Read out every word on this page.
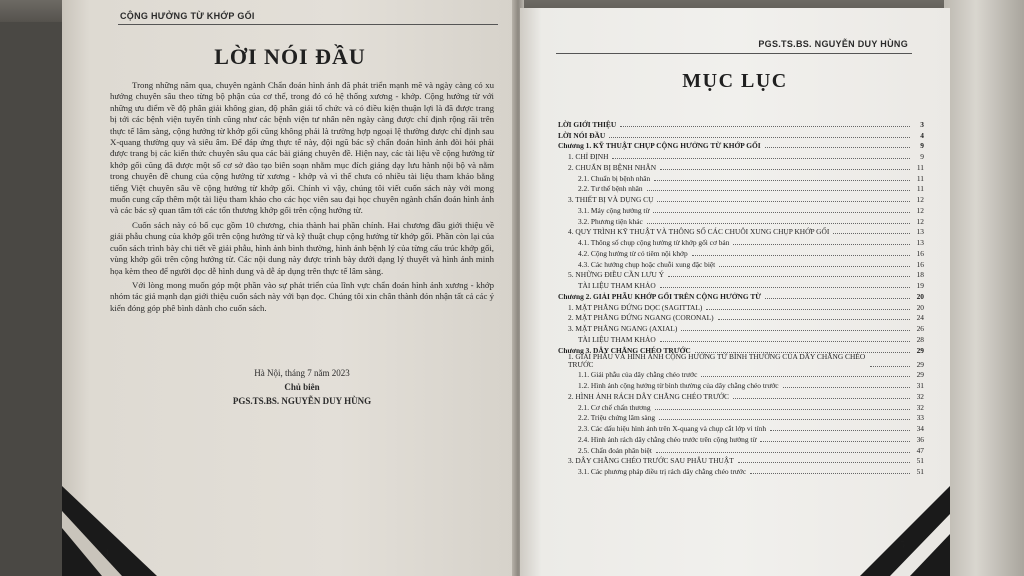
CỘNG HƯỞNG TỪ KHỚP GỐI
LỜI NÓI ĐẦU

Trong những năm qua, chuyên ngành Chẩn đoán hình ảnh đã phát triển mạnh mẽ và ngày càng có xu hướng chuyên sâu theo từng bộ phận của cơ thể, trong đó có hệ thống xương - khớp. Cộng hưởng từ với những ưu điểm về độ phân giải không gian, độ phân giải tổ chức và có điều kiện thuận lợi là đã được trang bị tới các bệnh viện tuyến tỉnh cũng như các bệnh viện tư nhân nên ngày càng được chỉ định rộng rãi trên thực tế lâm sàng, cộng hưởng từ khớp gối cũng không phải là trường hợp ngoại lệ thường được chỉ định sau X-quang thường quy và siêu âm. Để đáp ứng thực tế này, đội ngũ bác sỹ chẩn đoán hình ảnh đòi hỏi phải được trang bị các kiến thức chuyên sâu qua các bài giảng chuyên đề. Hiện nay, các tài liệu về cộng hưởng từ khớp gối cũng đã được một số cơ sở đào tạo biên soạn nhằm mục đích giảng dạy lưu hành nội bộ và nằm trong chuyên đề chung của cộng hưởng từ xương - khớp và vì thế chưa có nhiều tài liệu tham khảo bằng tiếng Việt chuyên sâu về cộng hưởng từ khớp gối. Chính vì vậy, chúng tôi viết cuốn sách này với mong muốn cung cấp thêm một tài liệu tham khảo cho các học viên sau đại học chuyên ngành chẩn đoán hình ảnh và các bác sỹ quan tâm tới các tổn thương khớp gối trên cộng hưởng từ.

Cuốn sách này có bố cục gồm 10 chương, chia thành hai phần chính. Hai chương đầu giới thiệu về giải phẫu chung của khớp gối trên cộng hưởng từ và kỹ thuật chụp cộng hưởng từ khớp gối. Phần còn lại của cuốn sách trình bày chi tiết về giải phẫu, hình ảnh bình thường, hình ảnh bệnh lý của từng cấu trúc khớp gối, vùng khớp gối trên cộng hưởng từ. Các nội dung này được trình bày dưới dạng lý thuyết và hình ảnh minh họa kèm theo để người đọc dễ hình dung và dễ áp dụng trên thực tế lâm sàng.

Với lòng mong muốn góp một phần vào sự phát triển của lĩnh vực chẩn đoán hình ảnh xương - khớp nhóm tác giả mạnh dạn giới thiệu cuốn sách này với bạn đọc. Chúng tôi xin chân thành đón nhận tất cả các ý kiến đóng góp phê bình dành cho cuốn sách.

Hà Nội, tháng 7 năm 2023
Chủ biên
PGS.TS.BS. NGUYỄN DUY HÙNG
4
PGS.TS.BS. NGUYỄN DUY HÙNG
MỤC LỤC
LỜI GIỚI THIỆU	3
LỜI NÓI ĐẦU	4
Chương 1. KỸ THUẬT CHỤP CỘNG HƯỞNG TỪ KHỚP GỐI	9
1. CHỈ ĐỊNH	9
2. CHUẨN BỊ BỆNH NHÂN	11
2.1. Chuẩn bị bệnh nhân	11
2.2. Tư thế bệnh nhân	11
3. THIẾT BỊ VÀ DỤNG CỤ	12
3.1. Máy cộng hưởng từ	12
3.2. Phương tiện khác	12
4. QUY TRÌNH KỸ THUẬT VÀ THÔNG SỐ CÁC CHUỖI XUNG CHỤP KHỚP GỐI	13
4.1. Thông số chụp cộng hưởng từ khớp gối cơ bản	13
4.2. Cộng hưởng từ có tiêm nội khớp	16
4.3. Các hướng chụp hoặc chuỗi xung đặc biệt	16
5. NHỮNG ĐIỀU CẦN LƯU Ý	18
TÀI LIỆU THAM KHẢO	19
Chương 2. GIẢI PHẪU KHỚP GỐI TRÊN CỘNG HƯỞNG TỪ	20
1. MẶT PHẲNG ĐỨNG DỌC (SAGITTAL)	20
2. MẶT PHẲNG ĐỨNG NGANG (CORONAL)	24
3. MẶT PHẲNG NGANG (AXIAL)	26
TÀI LIỆU THAM KHẢO	28
Chương 3. DÂY CHẰNG CHÉO TRƯỚC	29
1. GIẢI PHẪU VÀ HÌNH ẢNH CỘNG HƯỞNG TỪ BÌNH THƯỜNG CỦA DÂY CHẰNG CHÉO TRƯỚC	29
1.1. Giải phẫu của dây chằng chéo trước	29
1.2. Hình ảnh cộng hưởng từ bình thường của dây chằng chéo trước	31
2. HÌNH ẢNH RÁCH DÂY CHẰNG CHÉO TRƯỚC	32
2.1. Cơ chế chấn thương	32
2.2. Triệu chứng lâm sàng	33
2.3. Các dấu hiệu hình ảnh trên X-quang và chụp cắt lớp vi tính	34
2.4. Hình ảnh rách dây chằng chéo trước trên cộng hưởng từ	36
2.5. Chẩn đoán phân biệt	47
3. DÂY CHẰNG CHÉO TRƯỚC SAU PHẪU THUẬT	51
3.1. Các phương pháp điều trị rách dây chằng chéo trước	51
5
